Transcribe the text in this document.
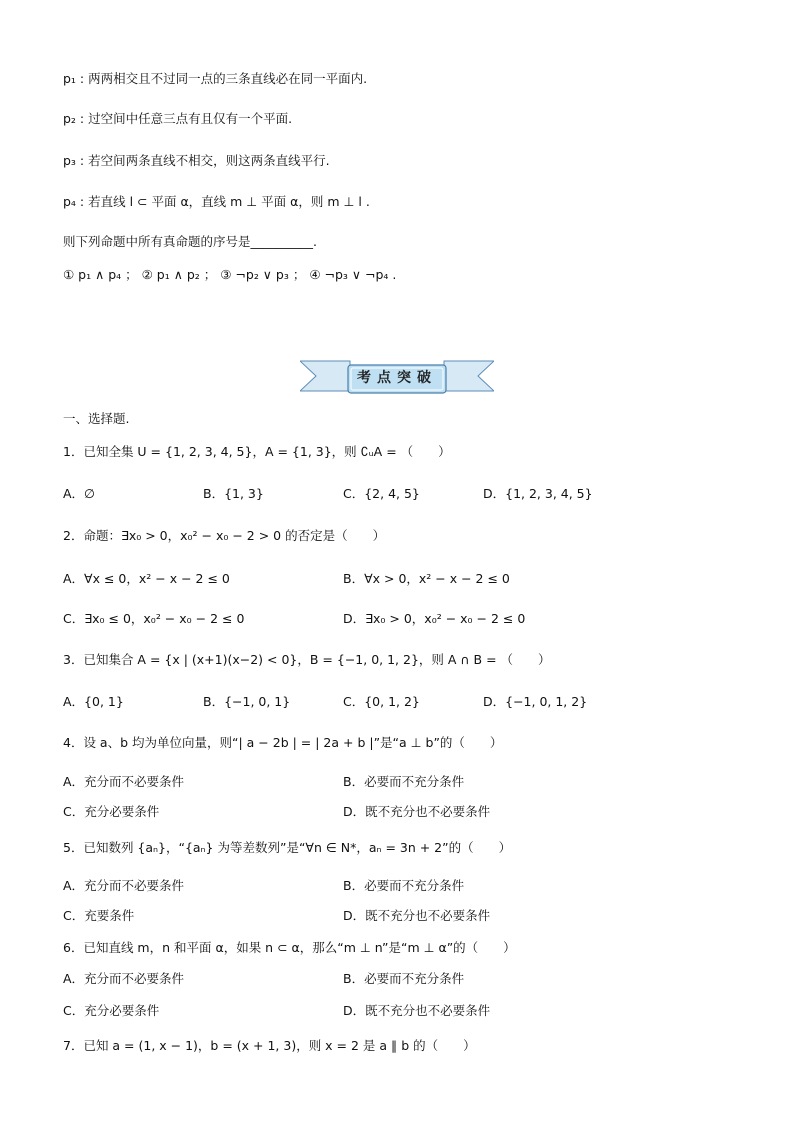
p₁ : 两两相交且不过同一点的三条直线必在同一平面内.
p₂ : 过空间中任意三点有且仅有一个平面.
p₃ : 若空间两条直线不相交，则这两条直线平行.
p₄ : 若直线 l ⊂ 平面 α，直线 m ⊥ 平面 α，则 m ⊥ l .
则下列命题中所有真命题的序号是__________.
① p₁ ∧ p₄ ； ② p₁ ∧ p₂ ； ③ ¬p₂ ∨ p₃ ； ④ ¬p₃ ∨ ¬p₄ .
考点突破
一、选择题.
1．已知全集 U = {1, 2, 3, 4, 5}，A = {1, 3}，则 ∁ᵤA = （　　）
A．∅	B．{1, 3}	C．{2, 4, 5}	D．{1, 2, 3, 4, 5}
2．命题：∃x₀ > 0，x₀² − x₀ − 2 > 0 的否定是（　　）
A．∀x ≤ 0，x² − x − 2 ≤ 0	B．∀x > 0，x² − x − 2 ≤ 0
C．∃x₀ ≤ 0，x₀² − x₀ − 2 ≤ 0	D．∃x₀ > 0，x₀² − x₀ − 2 ≤ 0
3．已知集合 A = {x | (x+1)(x−2) < 0}，B = {−1, 0, 1, 2}，则 A ∩ B = （　　）
A．{0, 1}	B．{−1, 0, 1}	C．{0, 1, 2}	D．{−1, 0, 1, 2}
4．设 a、b 均为单位向量，则“| a − 2b | = | 2a + b |”是“a ⊥ b”的（　　）
A．充分而不必要条件	B．必要而不充分条件
C．充分必要条件	D．既不充分也不必要条件
5．已知数列 {aₙ}，“{aₙ} 为等差数列”是“∀n ∈ N*，aₙ = 3n + 2”的（　　）
A．充分而不必要条件	B．必要而不充分条件
C．充要条件	D．既不充分也不必要条件
6．已知直线 m，n 和平面 α，如果 n ⊂ α，那么“m ⊥ n”是“m ⊥ α”的（　　）
A．充分而不必要条件	B．必要而不充分条件
C．充分必要条件	D．既不充分也不必要条件
7．已知 a = (1, x − 1)，b = (x + 1, 3)，则 x = 2 是 a ∥ b 的（　　）
